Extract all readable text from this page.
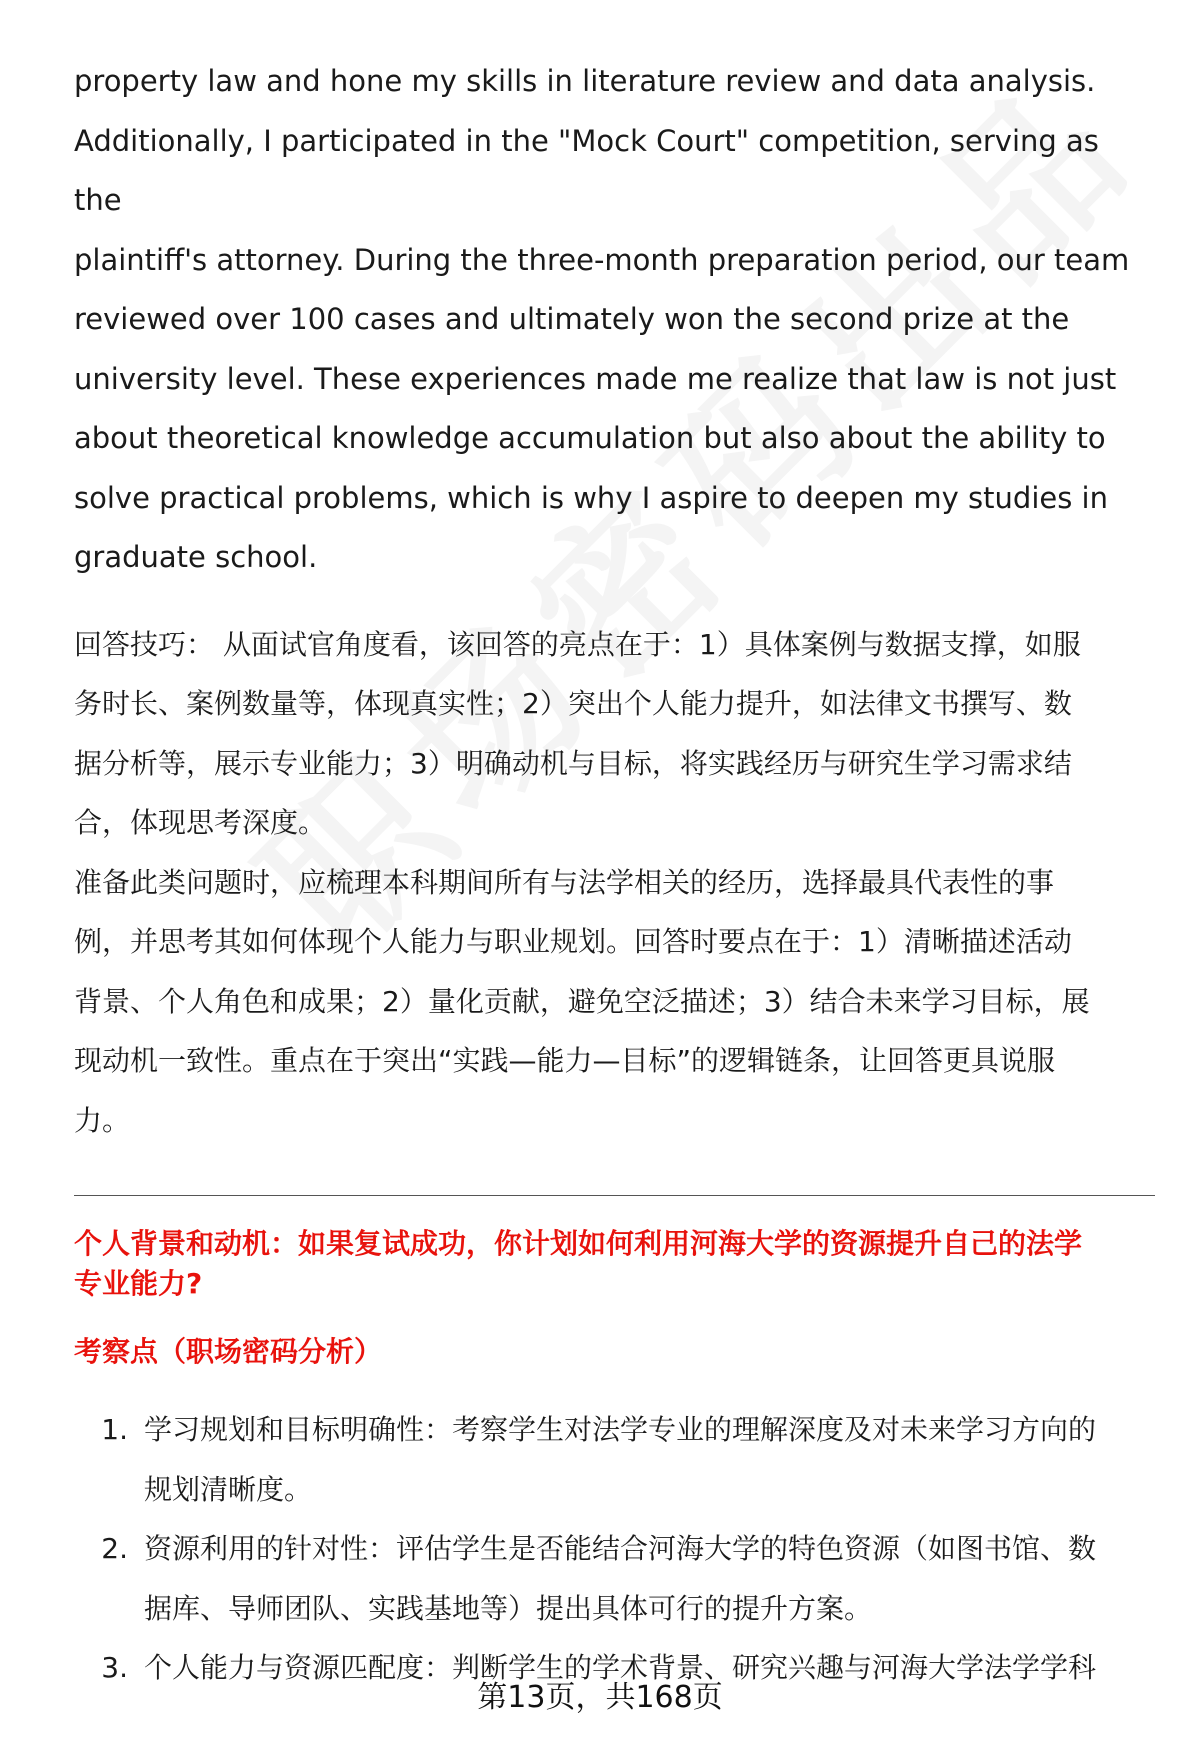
property law and hone my skills in literature review and data analysis.

Additionally, I participated in the "Mock Court" competition, serving as the

plaintiff's attorney. During the three-month preparation period, our team

reviewed over 100 cases and ultimately won the second prize at the

university level. These experiences made me realize that law is not just

about theoretical knowledge accumulation but also about the ability to

solve practical problems, which is why I aspire to deepen my studies in

graduate school.

回答技巧： 从面试官角度看，该回答的亮点在于：1）具体案例与数据支撑，如服

务时长、案例数量等，体现真实性；2）突出个人能力提升，如法律文书撰写、数

据分析等，展示专业能力；3）明确动机与目标，将实践经历与研究生学习需求结

合，体现思考深度。

准备此类问题时，应梳理本科期间所有与法学相关的经历，选择最具代表性的事

例，并思考其如何体现个人能力与职业规划。回答时要点在于：1）清晰描述活动

背景、个人角色和成果；2）量化贡献，避免空泛描述；3）结合未来学习目标，展

现动机一致性。重点在于突出“实践—能力—目标”的逻辑链条，让回答更具说服

力。

个人背景和动机：如果复试成功，你计划如何利用河海大学的资源提升自己的法学
专业能力?
考察点（职场密码分析）
1. 学习规划和目标明确性：考察学生对法学专业的理解深度及对未来学习方向的
规划清晰度。
2. 资源利用的针对性：评估学生是否能结合河海大学的特色资源（如图书馆、数
据库、导师团队、实践基地等）提出具体可行的提升方案。
3. 个人能力与资源匹配度：判断学生的学术背景、研究兴趣与河海大学法学学科
第13页，共168页
